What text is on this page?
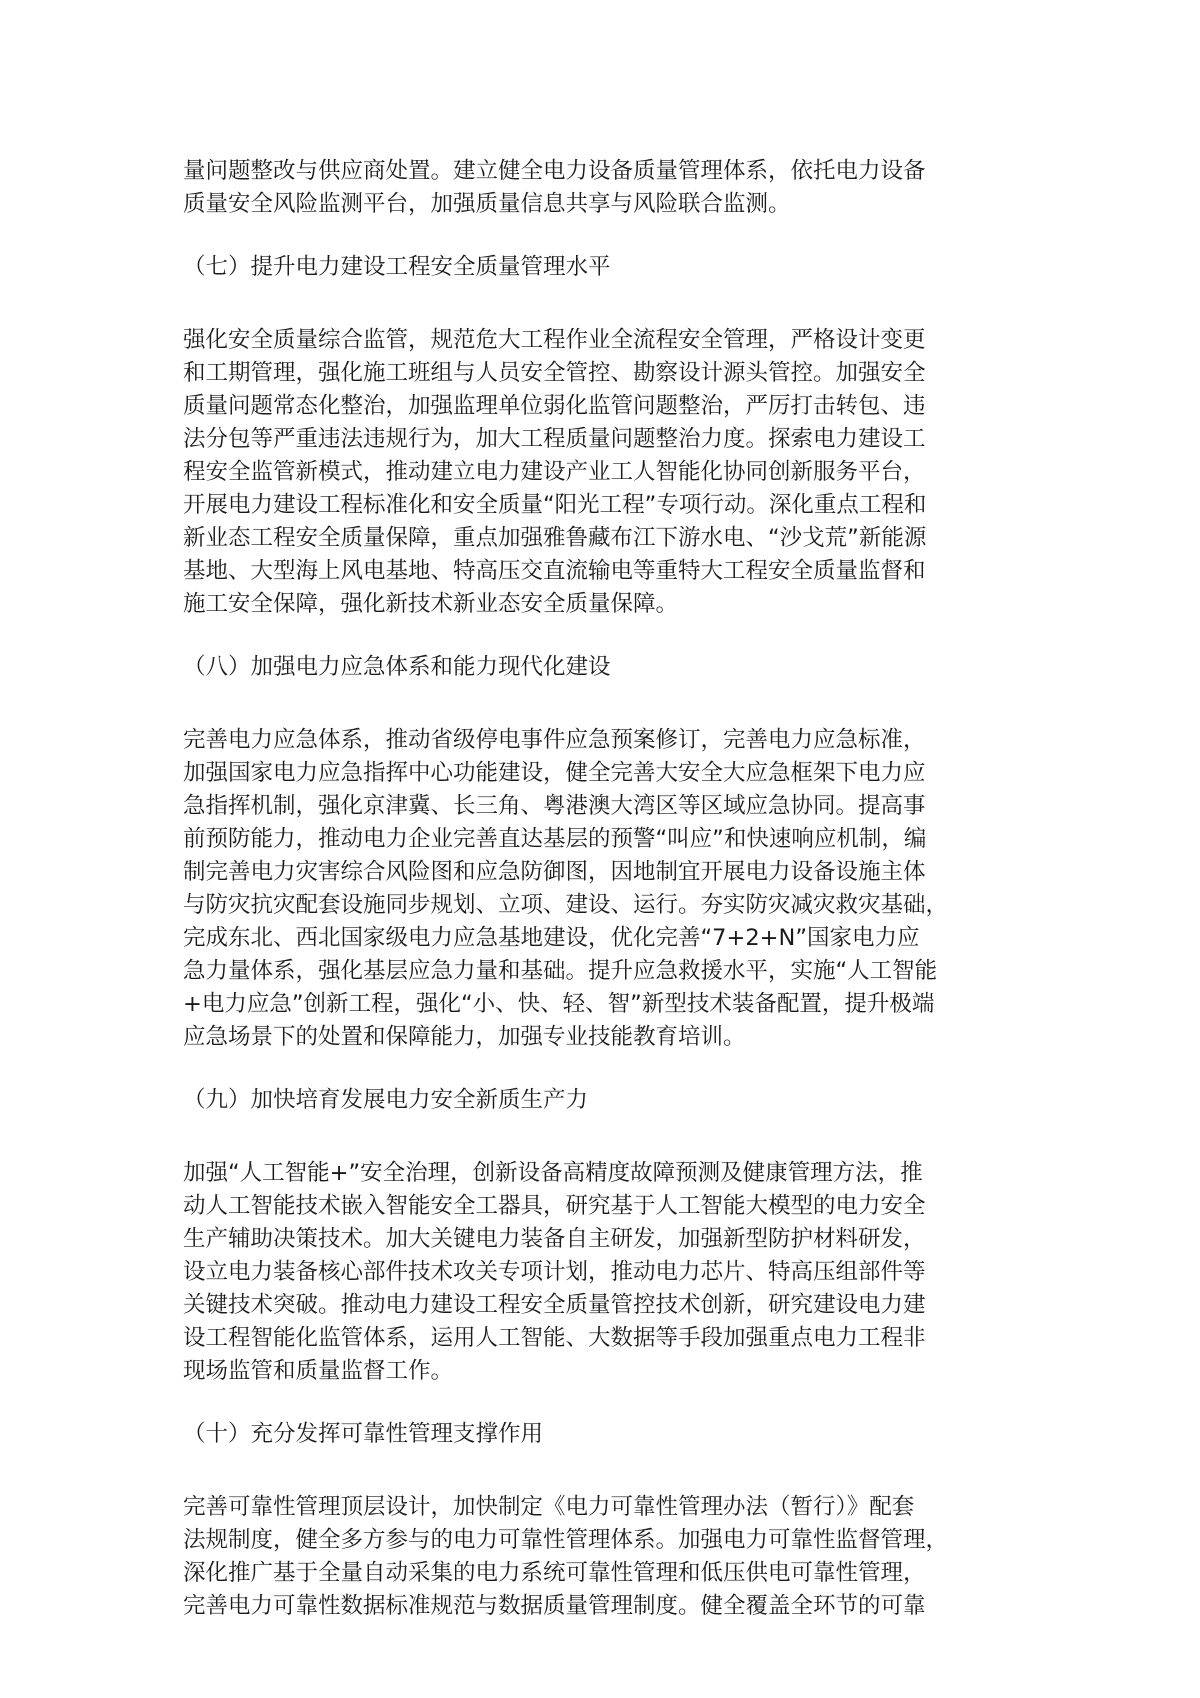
量问题整改与供应商处置。建立健全电力设备质量管理体系，依托电力设备
质量安全风险监测平台，加强质量信息共享与风险联合监测。
（七）提升电力建设工程安全质量管理水平
强化安全质量综合监管，规范危大工程作业全流程安全管理，严格设计变更
和工期管理，强化施工班组与人员安全管控、勘察设计源头管控。加强安全
质量问题常态化整治，加强监理单位弱化监管问题整治，严厉打击转包、违
法分包等严重违法违规行为，加大工程质量问题整治力度。探索电力建设工
程安全监管新模式，推动建立电力建设产业工人智能化协同创新服务平台，
开展电力建设工程标准化和安全质量“阳光工程”专项行动。深化重点工程和
新业态工程安全质量保障，重点加强雅鲁藏布江下游水电、“沙戈荒”新能源
基地、大型海上风电基地、特高压交直流输电等重特大工程安全质量监督和
施工安全保障，强化新技术新业态安全质量保障。
（八）加强电力应急体系和能力现代化建设
完善电力应急体系，推动省级停电事件应急预案修订，完善电力应急标准，
加强国家电力应急指挥中心功能建设，健全完善大安全大应急框架下电力应
急指挥机制，强化京津冀、长三角、粤港澳大湾区等区域应急协同。提高事
前预防能力，推动电力企业完善直达基层的预警“叫应”和快速响应机制，编
制完善电力灾害综合风险图和应急防御图，因地制宜开展电力设备设施主体
与防灾抗灾配套设施同步规划、立项、建设、运行。夯实防灾减灾救灾基础，
完成东北、西北国家级电力应急基地建设，优化完善“7+2+N”国家电力应
急力量体系，强化基层应急力量和基础。提升应急救援水平，实施“人工智能
+电力应急”创新工程，强化“小、快、轻、智”新型技术装备配置，提升极端
应急场景下的处置和保障能力，加强专业技能教育培训。
（九）加快培育发展电力安全新质生产力
加强“人工智能+”安全治理，创新设备高精度故障预测及健康管理方法，推
动人工智能技术嵌入智能安全工器具，研究基于人工智能大模型的电力安全
生产辅助决策技术。加大关键电力装备自主研发，加强新型防护材料研发，
设立电力装备核心部件技术攻关专项计划，推动电力芯片、特高压组部件等
关键技术突破。推动电力建设工程安全质量管控技术创新，研究建设电力建
设工程智能化监管体系，运用人工智能、大数据等手段加强重点电力工程非
现场监管和质量监督工作。
（十）充分发挥可靠性管理支撑作用
完善可靠性管理顶层设计，加快制定《电力可靠性管理办法（暂行）》配套
法规制度，健全多方参与的电力可靠性管理体系。加强电力可靠性监督管理，
深化推广基于全量自动采集的电力系统可靠性管理和低压供电可靠性管理，
完善电力可靠性数据标准规范与数据质量管理制度。健全覆盖全环节的可靠
